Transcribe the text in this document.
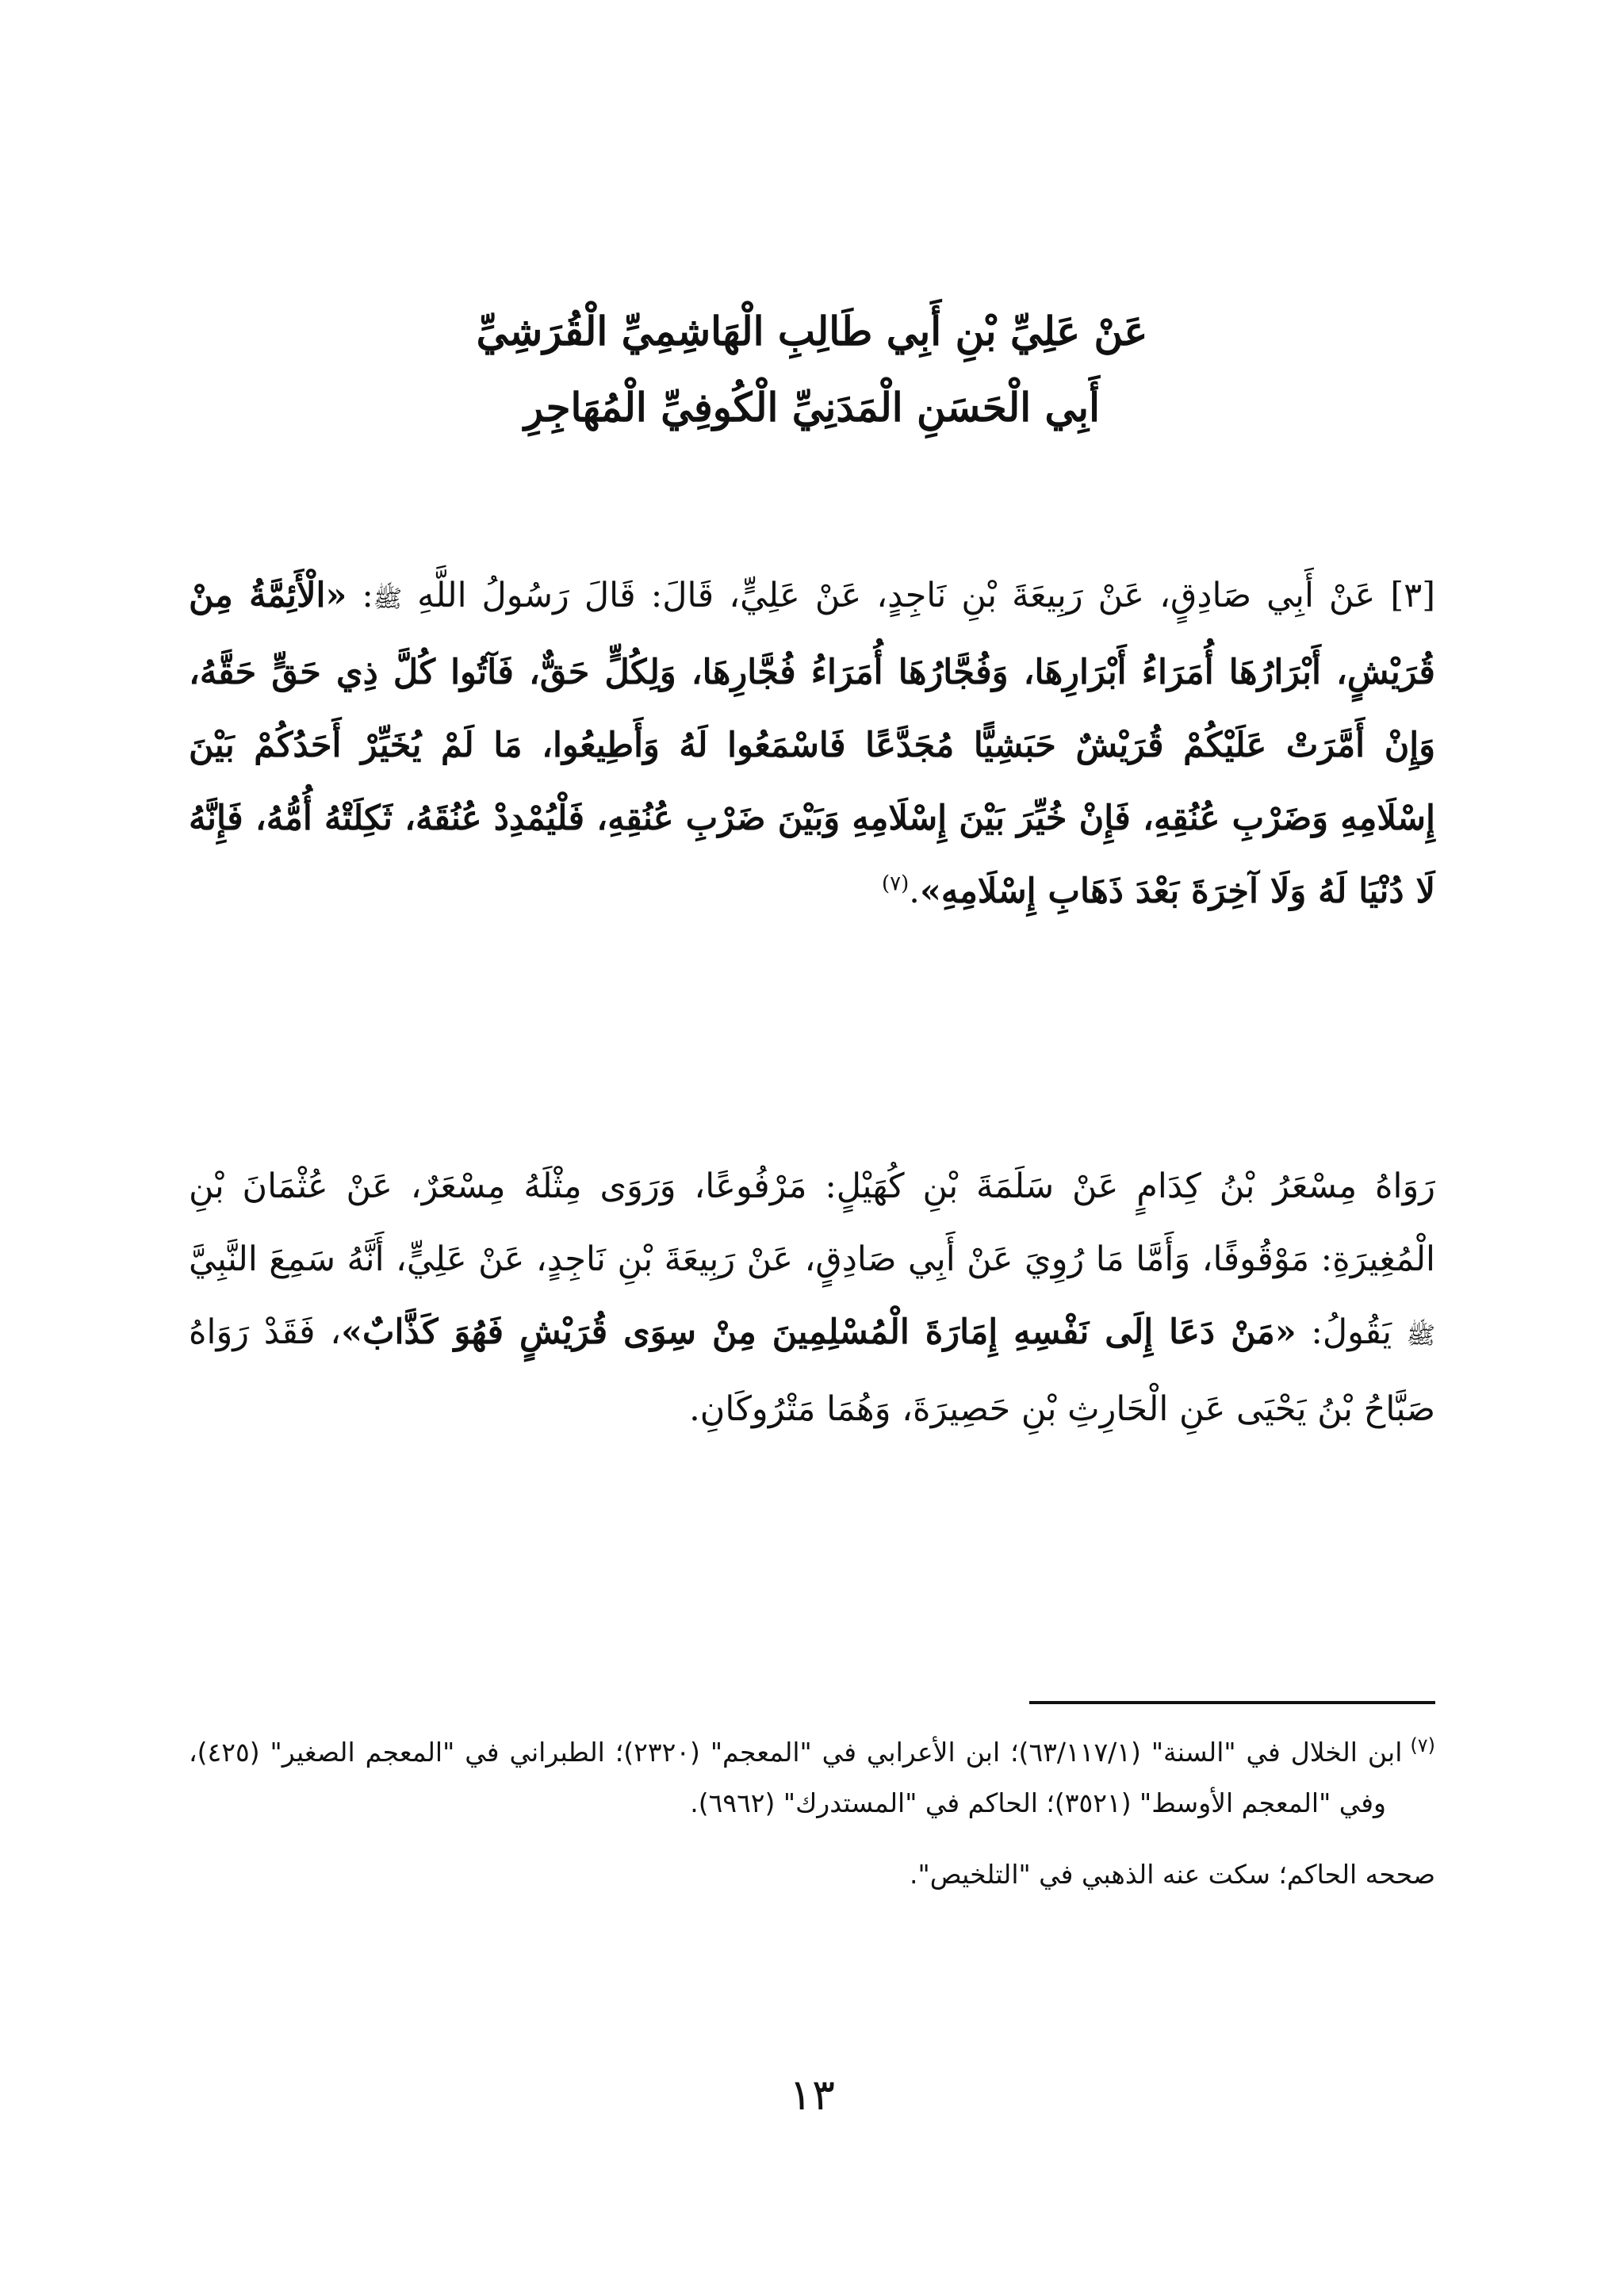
عَنْ عَلِيِّ بْنِ أَبِي طَالِبِ الْهَاشِمِيِّ الْقُرَشِيِّ
أَبِي الْحَسَنِ الْمَدَنِيِّ الْكُوفِيِّ الْمُهَاجِرِ
[٣] عَنْ أَبِي صَادِقٍ، عَنْ رَبِيعَةَ بْنِ نَاجِدٍ، عَنْ عَلِيٍّ، قَالَ: قَالَ رَسُولُ اللَّهِ ﷺ: «الْأَئِمَّةُ مِنْ قُرَيْشٍ، أَبْرَارُهَا أُمَرَاءُ أَبْرَارِهَا، وَفُجَّارُهَا أُمَرَاءُ فُجَّارِهَا، وَلِكُلٍّ حَقٌّ، فَآتُوا كُلَّ ذِي حَقٍّ حَقَّهُ، وَإِنْ أَمَّرَتْ عَلَيْكُمْ قُرَيْشٌ حَبَشِيًّا مُجَدَّعًا فَاسْمَعُوا لَهُ وَأَطِيعُوا، مَا لَمْ يُخَيِّرْ أَحَدُكُمْ بَيْنَ إِسْلَامِهِ وَضَرْبِ عُنُقِهِ، فَإِنْ خُيِّرَ بَيْنَ إِسْلَامِهِ وَبَيْنَ ضَرْبِ عُنُقِهِ، فَلْيُمْدِدْ عُنُقَهُ، ثَكِلَتْهُ أُمُّهُ، فَإِنَّهُ لَا دُنْيَا لَهُ وَلَا آخِرَةَ بَعْدَ ذَهَابِ إِسْلَامِهِ».$^{(٧)}$
رَوَاهُ مِسْعَرُ بْنُ كِدَامٍ عَنْ سَلَمَةَ بْنِ كُهَيْلٍ: مَرْفُوعًا، وَرَوَى مِثْلَهُ مِسْعَرٌ، عَنْ عُثْمَانَ بْنِ الْمُغِيرَةِ: مَوْقُوفًا، وَأَمَّا مَا رُوِيَ عَنْ أَبِي صَادِقٍ، عَنْ رَبِيعَةَ بْنِ نَاجِدٍ، عَنْ عَلِيٍّ، أَنَّهُ سَمِعَ النَّبِيَّ ﷺ يَقُولُ: «مَنْ دَعَا إِلَى نَفْسِهِ إِمَارَةَ الْمُسْلِمِينَ مِنْ سِوَى قُرَيْشٍ فَهُوَ كَذَّابٌ»، فَقَدْ رَوَاهُ صَبَّاحُ بْنُ يَحْيَى عَنِ الْحَارِثِ بْنِ حَصِيرَةَ، وَهُمَا مَتْرُوكَانِ.
$^{(٧)}$ابن الخلال في "السنة" (٦٣/١١٧/١)؛ ابن الأعرابي في "المعجم" (٢٣٢٠)؛ الطبراني في "المعجم الصغير" (٤٢٥)، وفي "المعجم الأوسط" (٣٥٢١)؛ الحاكم في "المستدرك" (٦٩٦٢).
صححه الحاكم؛ سكت عنه الذهبي في "التلخيص".
١٣
